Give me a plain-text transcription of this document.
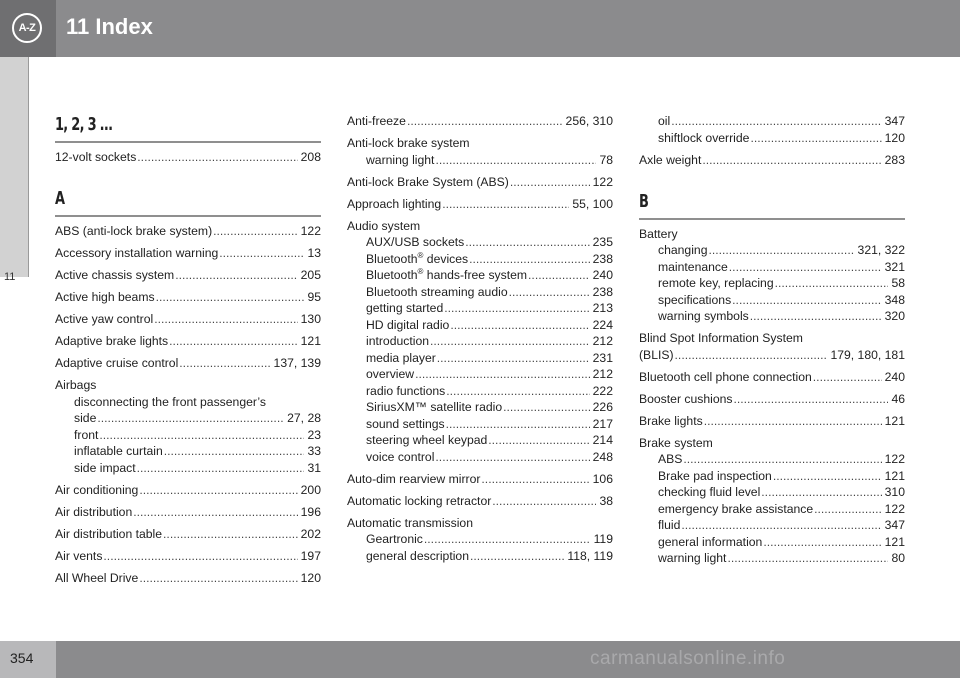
A-Z 11 Index
11
1, 2, 3 ...
12-volt sockets .....	208
A
ABS (anti-lock brake system) .....	122
Accessory installation warning .....	13
Active chassis system .....	205
Active high beams .....	95
Active yaw control .....	130
Adaptive brake lights .....	121
Adaptive cruise control .....	137, 139
Airbags
disconnecting the front passenger’s
side .....	27, 28
front .....	23
inflatable curtain .....	33
side impact .....	31
Air conditioning .....	200
Air distribution .....	196
Air distribution table .....	202
Air vents .....	197
All Wheel Drive .....	120
Anti-freeze .....	256, 310
Anti-lock brake system
warning light .....	78
Anti-lock Brake System (ABS) .....	122
Approach lighting .....	55, 100
Audio system
AUX/USB sockets .....	235
Bluetooth® devices .....	238
Bluetooth® hands-free system .....	240
Bluetooth streaming audio .....	238
getting started .....	213
HD digital radio .....	224
introduction .....	212
media player .....	231
overview .....	212
radio functions .....	222
SiriusXM™ satellite radio .....	226
sound settings .....	217
steering wheel keypad .....	214
voice control .....	248
Auto-dim rearview mirror .....	106
Automatic locking retractor .....	38
Automatic transmission
Geartronic .....	119
general description .....	118, 119
oil .....	347
shiftlock override .....	120
Axle weight .....	283
B
Battery
changing .....	321, 322
maintenance .....	321
remote key, replacing .....	58
specifications .....	348
warning symbols .....	320
Blind Spot Information System
(BLIS) .....	179, 180, 181
Bluetooth cell phone connection .....	240
Booster cushions .....	46
Brake lights .....	121
Brake system
ABS .....	122
Brake pad inspection .....	121
checking fluid level .....	310
emergency brake assistance .....	122
fluid .....	347
general information .....	121
warning light .....	80
354	carmanualsonline.info
